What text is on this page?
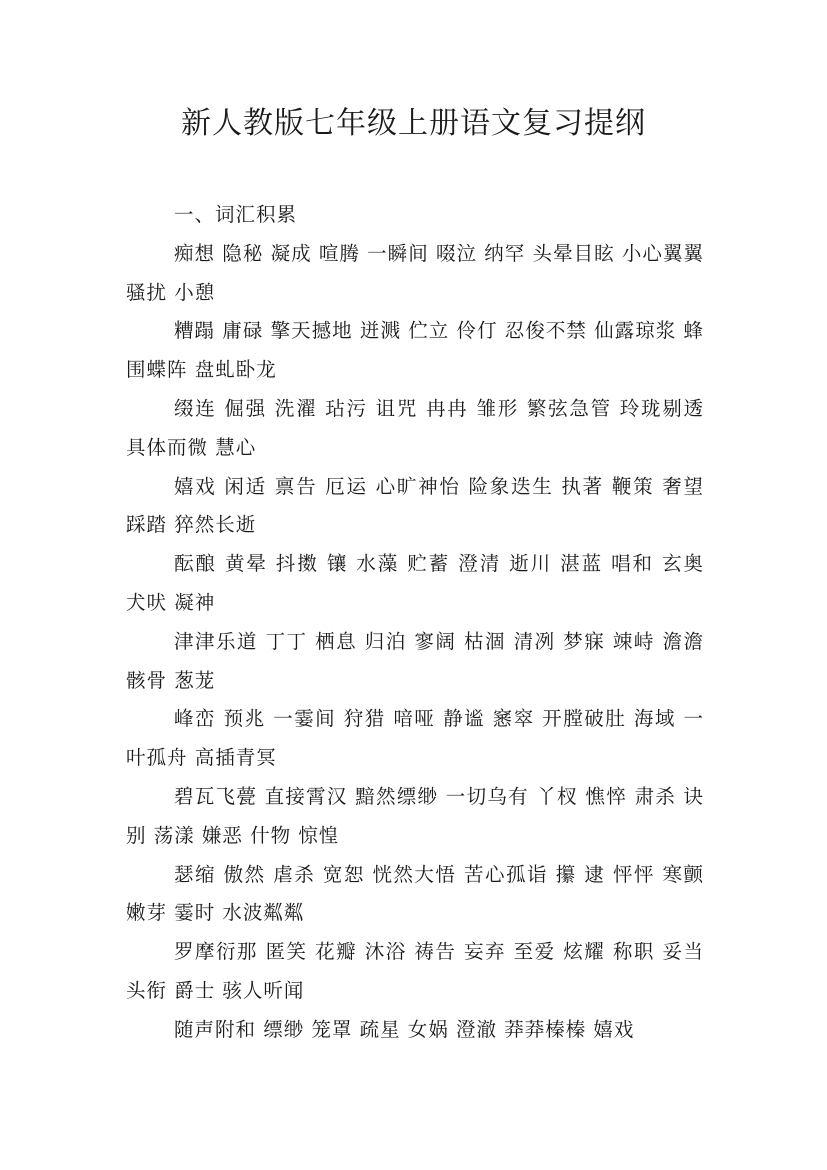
新人教版七年级上册语文复习提纲

一、词汇积累

痴想 隐秘 凝成 喧腾 一瞬间 啜泣 纳罕 头晕目眩 小心翼翼 骚扰 小憩

糟蹋 庸碌 擎天撼地 迸溅 伫立 伶仃 忍俊不禁 仙露琼浆 蜂围蝶阵 盘虬卧龙

缀连 倔强 洗濯 玷污 诅咒 冉冉 雏形 繁弦急管 玲珑剔透 具体而微 慧心

嬉戏 闲适 禀告 厄运 心旷神怡 险象迭生 执著 鞭策 奢望 踩踏 猝然长逝

酝酿 黄晕 抖擞 镶 水藻 贮蓄 澄清 逝川 湛蓝 唱和 玄奥 犬吠 凝神

津津乐道 丁丁 栖息 归泊 寥阔 枯涸 清冽 梦寐 竦峙 澹澹 骸骨 葱茏

峰峦 预兆 一霎间 狩猎 喑哑 静谧 窸窣 开膛破肚 海域 一叶孤舟 高插青冥

碧瓦飞甍 直接霄汉 黯然缥缈 一切乌有 丫杈 憔悴 肃杀 诀别 荡漾 嫌恶 什物 惊惶

瑟缩 傲然 虐杀 宽恕 恍然大悟 苦心孤诣 攥 逮 怦怦 寒颤 嫩芽 霎时 水波粼粼

罗摩衍那 匿笑 花瓣 沐浴 祷告 妄弃 至爱 炫耀 称职 妥当 头衔 爵士 骇人听闻

随声附和 缥缈 笼罩 疏星 女娲 澄澈 莽莽榛榛 嬉戏
